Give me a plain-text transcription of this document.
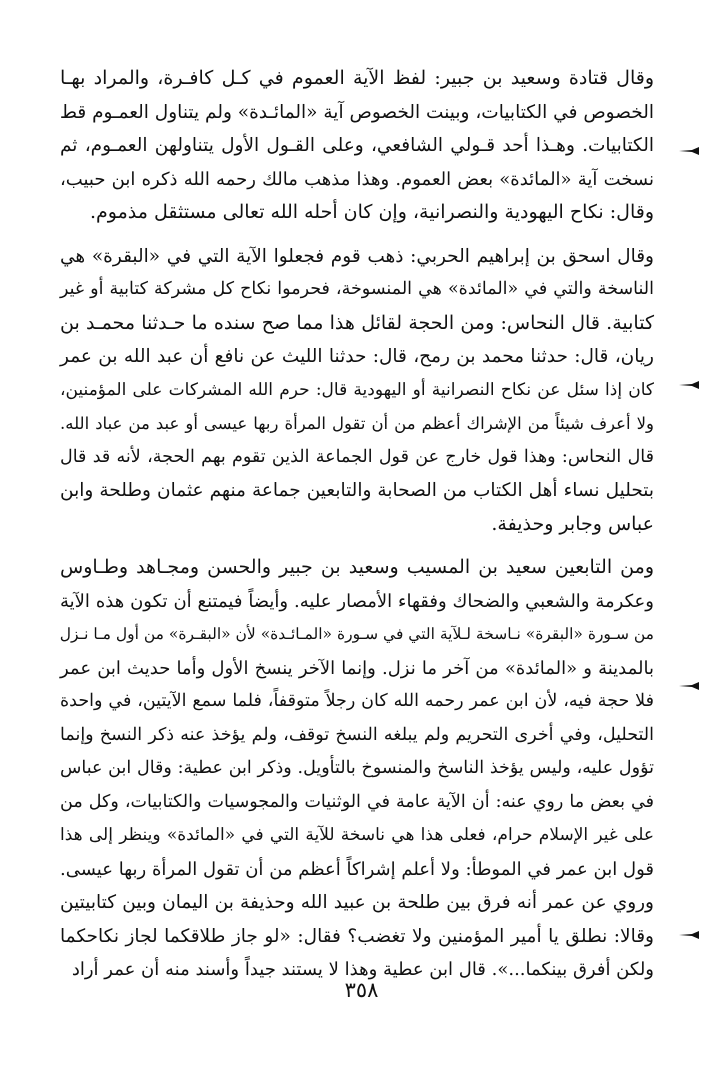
وقال قتادة وسعيد بن جبير: لفظ الآية العموم في كـل كافـرة، والمراد بهـا
الخصوص في الكتابيات، وبينت الخصوص آية «المائـدة» ولم يتناول العمـوم قط
الكتابيات. وهـذا أحد قـولي الشافعي، وعلى القـول الأول يتناولهن العمـوم، ثم
نسخت آية «المائدة» بعض العموم. وهذا مذهب مالك رحمه الله ذكره ابن حبيب،
وقال: نكاح اليهودية والنصرانية، وإن كان أحله الله تعالى مستثقل مذموم.
وقال اسحق بن إبراهيم الحربي: ذهب قوم فجعلوا الآية التي في «البقرة» هي
الناسخة والتي في «المائدة» هي المنسوخة، فحرموا نكاح كل مشركة كتابية أو غير
كتابية. قال النحاس: ومن الحجة لقائل هذا مما صح سنده ما حـدثنا محمـد بن
ريان، قال: حدثنا محمد بن رمح، قال: حدثنا الليث عن نافع أن عبد الله بن عمر
كان إذا سئل عن نكاح النصرانية أو اليهودية قال: حرم الله المشركات على المؤمنين،
ولا أعرف شيئاً من الإشراك أعظم من أن تقول المرأة ربها عيسى أو عبد من عباد الله.
قال النحاس: وهذا قول خارج عن قول الجماعة الذين تقوم بهم الحجة، لأنه قد قال
بتحليل نساء أهل الكتاب من الصحابة والتابعين جماعة منهم عثمان وطلحة وابن
عباس وجابر وحذيفة.
ومن التابعين سعيد بن المسيب وسعيد بن جبير والحسن ومجـاهد وطـاوس
وعكرمة والشعبي والضحاك وفقهاء الأمصار عليه. وأيضاً فيمتنع أن تكون هذه الآية
من سـورة «البقرة» نـاسخة لـلآية التي في سـورة «المـائـدة» لأن «البقـرة» من أول مـا نـزل
بالمدينة و «المائدة» من آخر ما نزل. وإنما الآخر ينسخ الأول وأما حديث ابن عمر
فلا حجة فيه، لأن ابن عمر رحمه الله كان رجلاً متوقفاً، فلما سمع الآيتين، في واحدة
التحليل، وفي أخرى التحريم ولم يبلغه النسخ توقف، ولم يؤخذ عنه ذكر النسخ وإنما
تؤول عليه، وليس يؤخذ الناسخ والمنسوخ بالتأويل. وذكر ابن عطية: وقال ابن عباس
في بعض ما روي عنه: أن الآية عامة في الوثنيات والمجوسيات والكتابيات، وكل من
على غير الإسلام حرام، فعلى هذا هي ناسخة للآية التي في «المائدة» وينظر إلى هذا
قول ابن عمر في الموطأ: ولا أعلم إشراكاً أعظم من أن تقول المرأة ربها عيسى.
وروي عن عمر أنه فرق بين طلحة بن عبيد الله وحذيفة بن اليمان وبين كتابيتين
وقالا: نطلق يا أمير المؤمنين ولا تغضب؟ فقال: «لو جاز طلاقكما لجاز نكاحكما
ولكن أفرق بينكما...». قال ابن عطية وهذا لا يستند جيداً وأسند منه أن عمر أراد
٣٥٨
